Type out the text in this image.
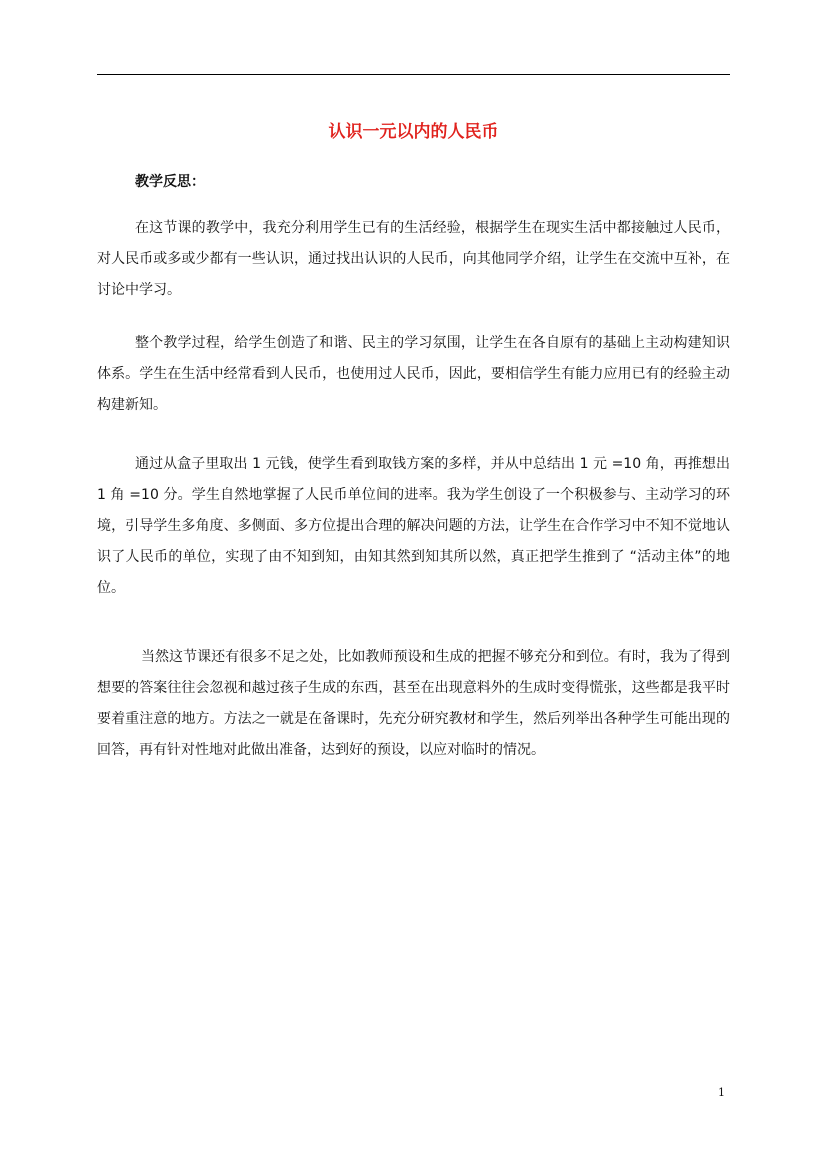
认识一元以内的人民币

教学反思：

在这节课的教学中，我充分利用学生已有的生活经验，根据学生在现实生活中都接触过人民币，对人民币或多或少都有一些认识，通过找出认识的人民币，向其他同学介绍，让学生在交流中互补，在讨论中学习。

整个教学过程，给学生创造了和谐、民主的学习氛围，让学生在各自原有的基础上主动构建知识体系。学生在生活中经常看到人民币，也使用过人民币，因此，要相信学生有能力应用已有的经验主动构建新知。

通过从盒子里取出 1 元钱，使学生看到取钱方案的多样，并从中总结出 1 元 =10 角，再推想出 1 角 =10 分。学生自然地掌握了人民币单位间的进率。我为学生创设了一个积极参与、主动学习的环境，引导学生多角度、多侧面、多方位提出合理的解决问题的方法，让学生在合作学习中不知不觉地认识了人民币的单位，实现了由不知到知，由知其然到知其所以然，真正把学生推到了 “活动主体”的地位。

当然这节课还有很多不足之处，比如教师预设和生成的把握不够充分和到位。有时，我为了得到想要的答案往往会忽视和越过孩子生成的东西，甚至在出现意料外的生成时变得慌张，这些都是我平时要着重注意的地方。方法之一就是在备课时，先充分研究教材和学生，然后列举出各种学生可能出现的回答，再有针对性地对此做出准备，达到好的预设，以应对临时的情况。

1
